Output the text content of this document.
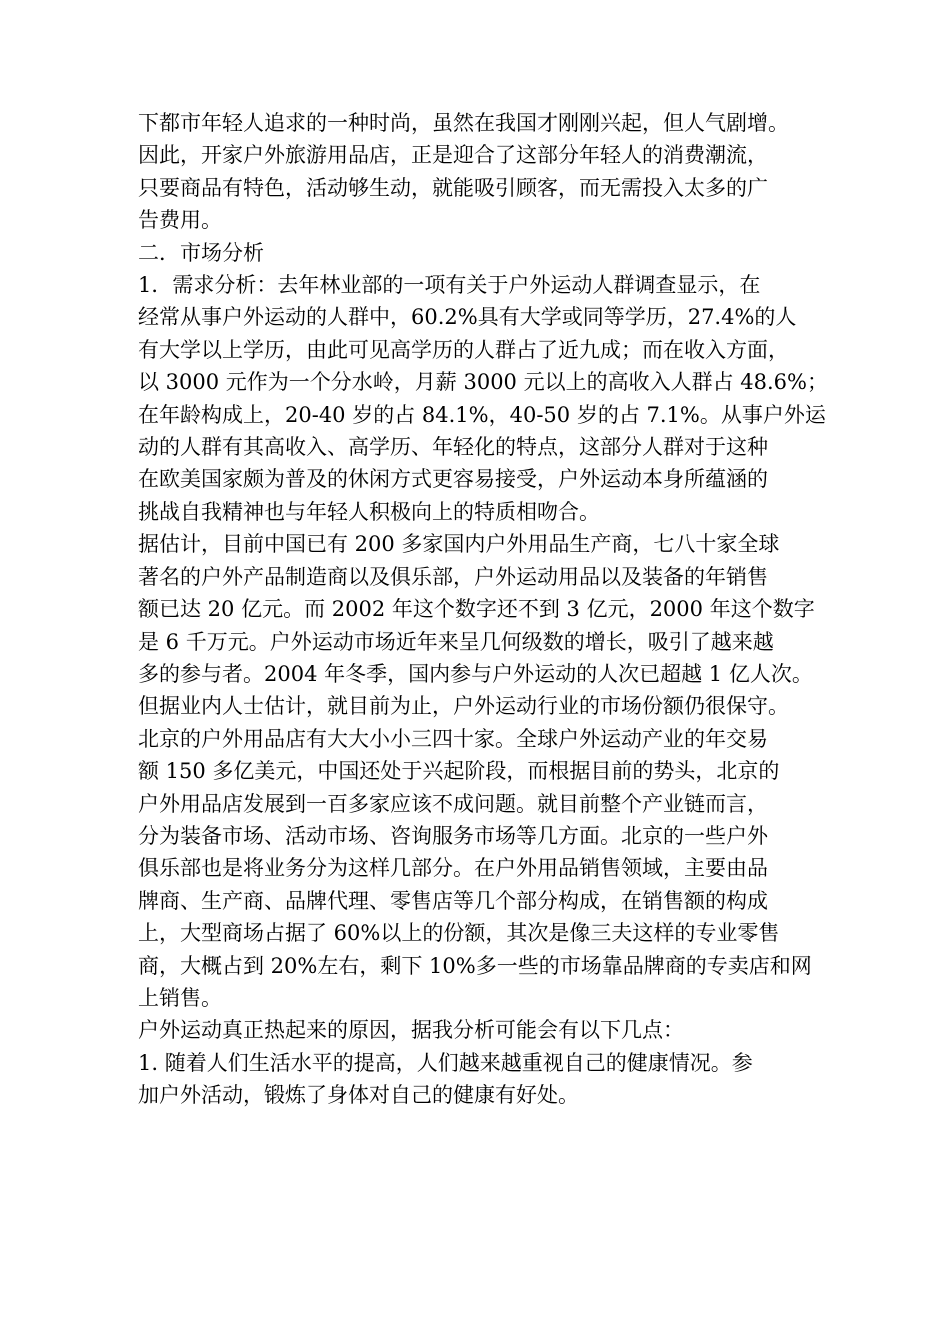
下都市年轻人追求的一种时尚，虽然在我国才刚刚兴起，但人气剧增。
因此，开家户外旅游用品店，正是迎合了这部分年轻人的消费潮流，
只要商品有特色，活动够生动，就能吸引顾客，而无需投入太多的广
告费用。

二．市场分析

1．需求分析：去年林业部的一项有关于户外运动人群调查显示，在
经常从事户外运动的人群中，60.2%具有大学或同等学历，27.4%的人
有大学以上学历，由此可见高学历的人群占了近九成；而在收入方面，
以 3000 元作为一个分水岭，月薪 3000 元以上的高收入人群占 48.6%；
在年龄构成上，20-40 岁的占 84.1%，40-50 岁的占 7.1%。从事户外运
动的人群有其高收入、高学历、年轻化的特点，这部分人群对于这种
在欧美国家颇为普及的休闲方式更容易接受，户外运动本身所蕴涵的
挑战自我精神也与年轻人积极向上的特质相吻合。

据估计，目前中国已有 200 多家国内户外用品生产商，七八十家全球
著名的户外产品制造商以及俱乐部，户外运动用品以及装备的年销售
额已达 20 亿元。而 2002 年这个数字还不到 3 亿元，2000 年这个数字
是 6 千万元。户外运动市场近年来呈几何级数的增长，吸引了越来越
多的参与者。2004 年冬季，国内参与户外运动的人次已超越 1 亿人次。
但据业内人士估计，就目前为止，户外运动行业的市场份额仍很保守。
北京的户外用品店有大大小小三四十家。全球户外运动产业的年交易
额 150 多亿美元，中国还处于兴起阶段，而根据目前的势头，北京的
户外用品店发展到一百多家应该不成问题。就目前整个产业链而言，
分为装备市场、活动市场、咨询服务市场等几方面。北京的一些户外
俱乐部也是将业务分为这样几部分。在户外用品销售领域，主要由品
牌商、生产商、品牌代理、零售店等几个部分构成，在销售额的构成
上，大型商场占据了 60%以上的份额，其次是像三夫这样的专业零售
商，大概占到 20%左右，剩下 10%多一些的市场靠品牌商的专卖店和网
上销售。

户外运动真正热起来的原因，据我分析可能会有以下几点：

1. 随着人们生活水平的提高，人们越来越重视自己的健康情况。参
加户外活动，锻炼了身体对自己的健康有好处。
